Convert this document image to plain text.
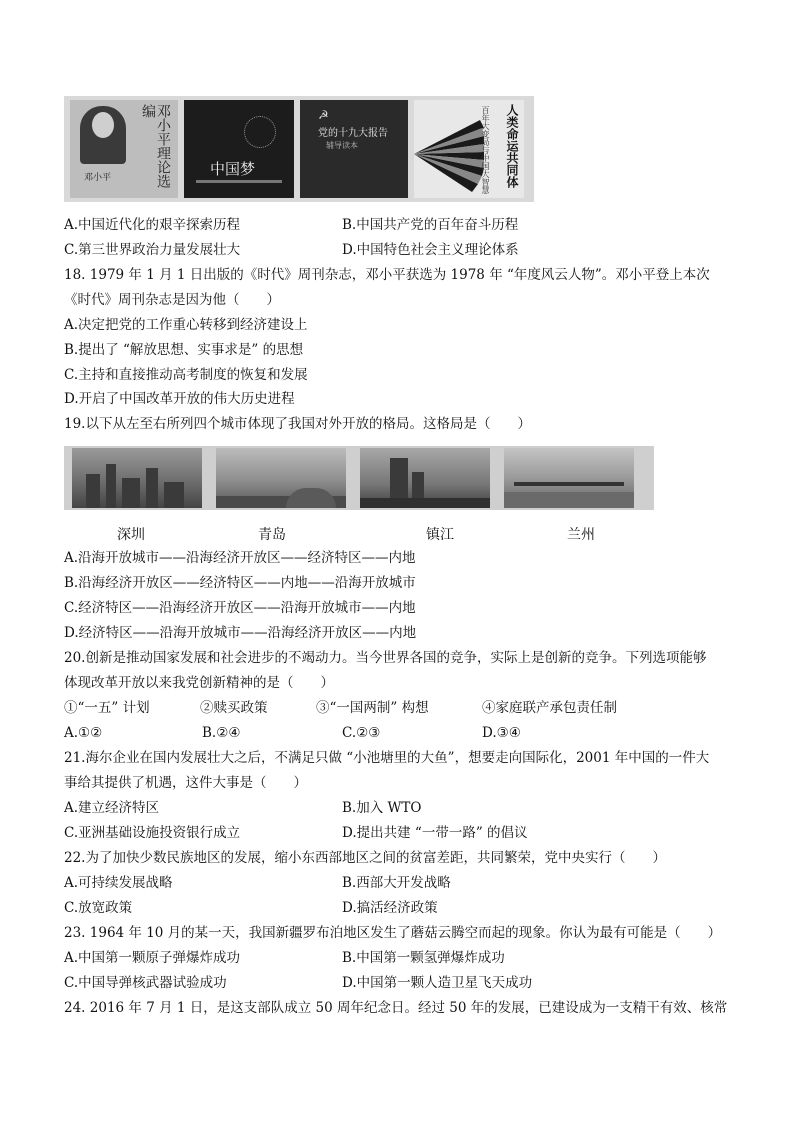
邓小平理论选编
邓小平	中国梦
☭
党的十九大报告
辅导读本	人类命运共同体
百年大变局与中国大智慧
A.中国近代化的艰辛探索历程	B.中国共产党的百年奋斗历程
C.第三世界政治力量发展壮大	D.中国特色社会主义理论体系
18. 1979 年 1 月 1 日出版的《时代》周刊杂志，邓小平获选为 1978 年 “年度风云人物”。邓小平登上本次
《时代》周刊杂志是因为他（　　）
A.决定把党的工作重心转移到经济建设上
B.提出了 “解放思想、实事求是” 的思想
C.主持和直接推动高考制度的恢复和发展
D.开启了中国改革开放的伟大历史进程
19.以下从左至右所列四个城市体现了我国对外开放的格局。这格局是（　　）
深圳	青岛	镇江	兰州
A.沿海开放城市——沿海经济开放区——经济特区——内地
B.沿海经济开放区——经济特区——内地——沿海开放城市
C.经济特区——沿海经济开放区——沿海开放城市——内地
D.经济特区——沿海开放城市——沿海经济开放区——内地
20.创新是推动国家发展和社会进步的不竭动力。当今世界各国的竞争，实际上是创新的竞争。下列选项能够
体现改革开放以来我党创新精神的是（　　）
①“一五” 计划	②赎买政策	③“一国两制” 构想	④家庭联产承包责任制
A.①②	B.②④	C.②③	D.③④
21.海尔企业在国内发展壮大之后，不满足只做 “小池塘里的大鱼”，想要走向国际化，2001 年中国的一件大
事给其提供了机遇，这件大事是（　　）
A.建立经济特区	B.加入 WTO
C.亚洲基础设施投资银行成立	D.提出共建 “一带一路” 的倡议
22.为了加快少数民族地区的发展，缩小东西部地区之间的贫富差距，共同繁荣，党中央实行（　　）
A.可持续发展战略	B.西部大开发战略
C.放宽政策	D.搞活经济政策
23. 1964 年 10 月的某一天，我国新疆罗布泊地区发生了蘑菇云腾空而起的现象。你认为最有可能是（　　）
A.中国第一颗原子弹爆炸成功	B.中国第一颗氢弹爆炸成功
C.中国导弹核武器试验成功	D.中国第一颗人造卫星飞天成功
24. 2016 年 7 月 1 日，是这支部队成立 50 周年纪念日。经过 50 年的发展，已建设成为一支精干有效、核常
